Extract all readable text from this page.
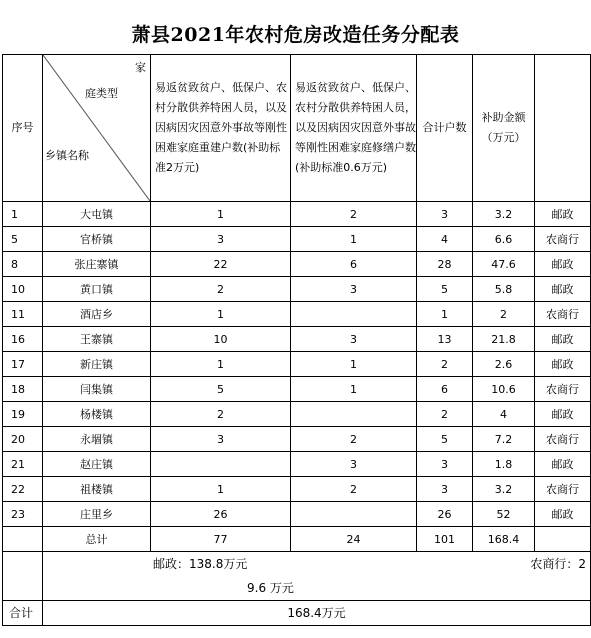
萧县2021年农村危房改造任务分配表
序号	家
庭类型
乡镇名称	易返贫致贫户、低保户、农村分散供养特困人员，以及因病因灾因意外事故等刚性困难家庭重建户数(补助标准2万元)	易返贫致贫户、低保户、农村分散供养特困人员，以及因病因灾因意外事故等刚性困难家庭修缮户数(补助标准0.6万元)	合计户数	补助金额（万元）	
1	大屯镇	1	2	3	3.2	邮政
5	官桥镇	3	1	4	6.6	农商行
8	张庄寨镇	22	6	28	47.6	邮政
10	黄口镇	2	3	5	5.8	邮政
11	酒店乡	1		1	2	农商行
16	王寨镇	10	3	13	21.8	邮政
17	新庄镇	1	1	2	2.6	邮政
18	闫集镇	5	1	6	10.6	农商行
19	杨楼镇	2		2	4	邮政
20	永堌镇	3	2	5	7.2	农商行
21	赵庄镇		3	3	1.8	邮政
22	祖楼镇	1	2	3	3.2	农商行
23	庄里乡	26		26	52	邮政
	总计	77	24	101	168.4	

	邮政：138.8万元 农商行：2
9.6 万元					

合计	168.4万元					
